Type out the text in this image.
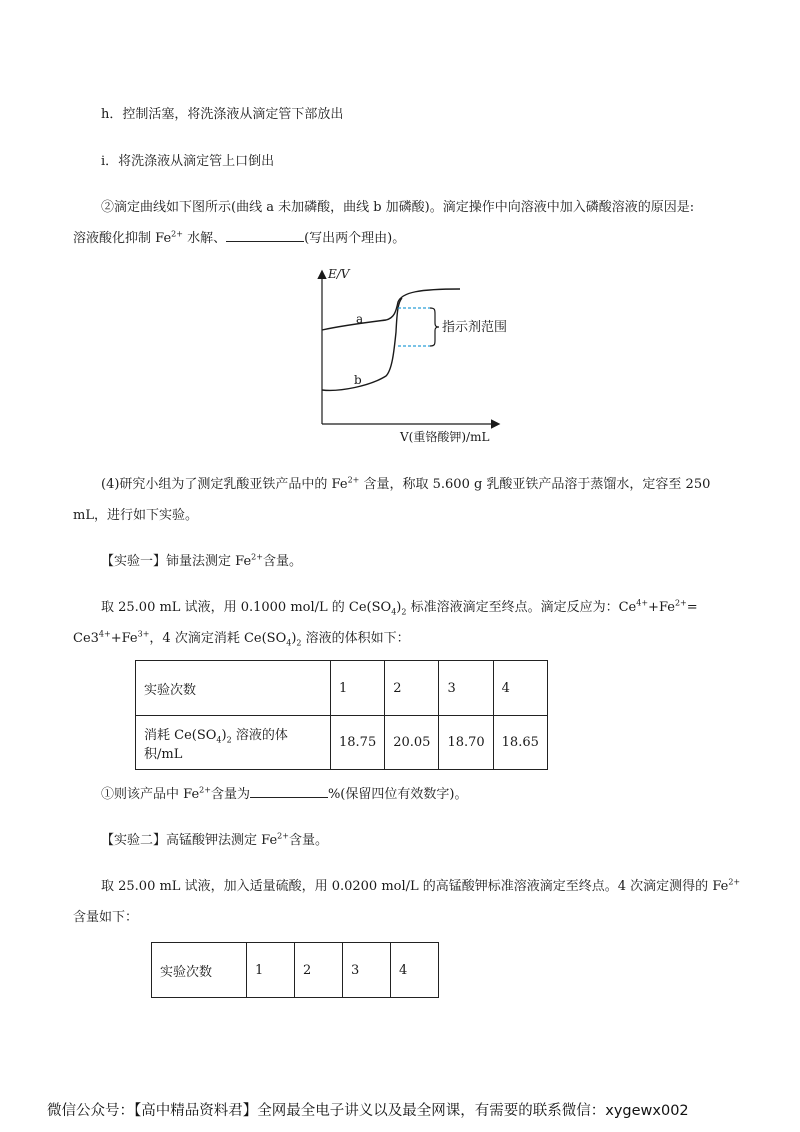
h．控制活塞，将洗涤液从滴定管下部放出
i．将洗涤液从滴定管上口倒出
②滴定曲线如下图所示(曲线 a 未加磷酸，曲线 b 加磷酸)。滴定操作中向溶液中加入磷酸溶液的原因是:
溶液酸化抑制 $Fe^{2+}$ 水解、	(写出两个理由)。
E/V
a
b
指示剂范围
V(重铬酸钾)/mL
(4)研究小组为了测定乳酸亚铁产品中的 $Fe^{2+}$ 含量，称取 5.600 g 乳酸亚铁产品溶于蒸馏水，定容至 250
mL，进行如下实验。
【实验一】铈量法测定 $Fe^{2+}$含量。
取 25.00 mL 试液，用 0.1000 mol/L 的 $Ce(SO_4)_2$ 标准溶液滴定至终点。滴定反应为：$Ce^{4+}+Fe^{2+}=$
$Ce3^{4+}+Fe^{3+}$，4 次滴定消耗 $Ce(SO_4)_2$ 溶液的体积如下：
实验次数	1	2	3	4
消耗 $Ce(SO_4)_2$ 溶液的体积/mL	18.75	20.05	18.70	18.65
①则该产品中 $Fe^{2+}$含量为	%(保留四位有效数字)。
【实验二】高锰酸钾法测定 $Fe^{2+}$含量。
取 25.00 mL 试液，加入适量硫酸，用 0.0200 mol/L 的高锰酸钾标准溶液滴定至终点。4 次滴定测得的 $Fe^{2+}$
含量如下：
实验次数	1	2	3	4
微信公众号：【高中精品资料君】全网最全电子讲义以及最全网课，有需要的联系微信：xygewx002
